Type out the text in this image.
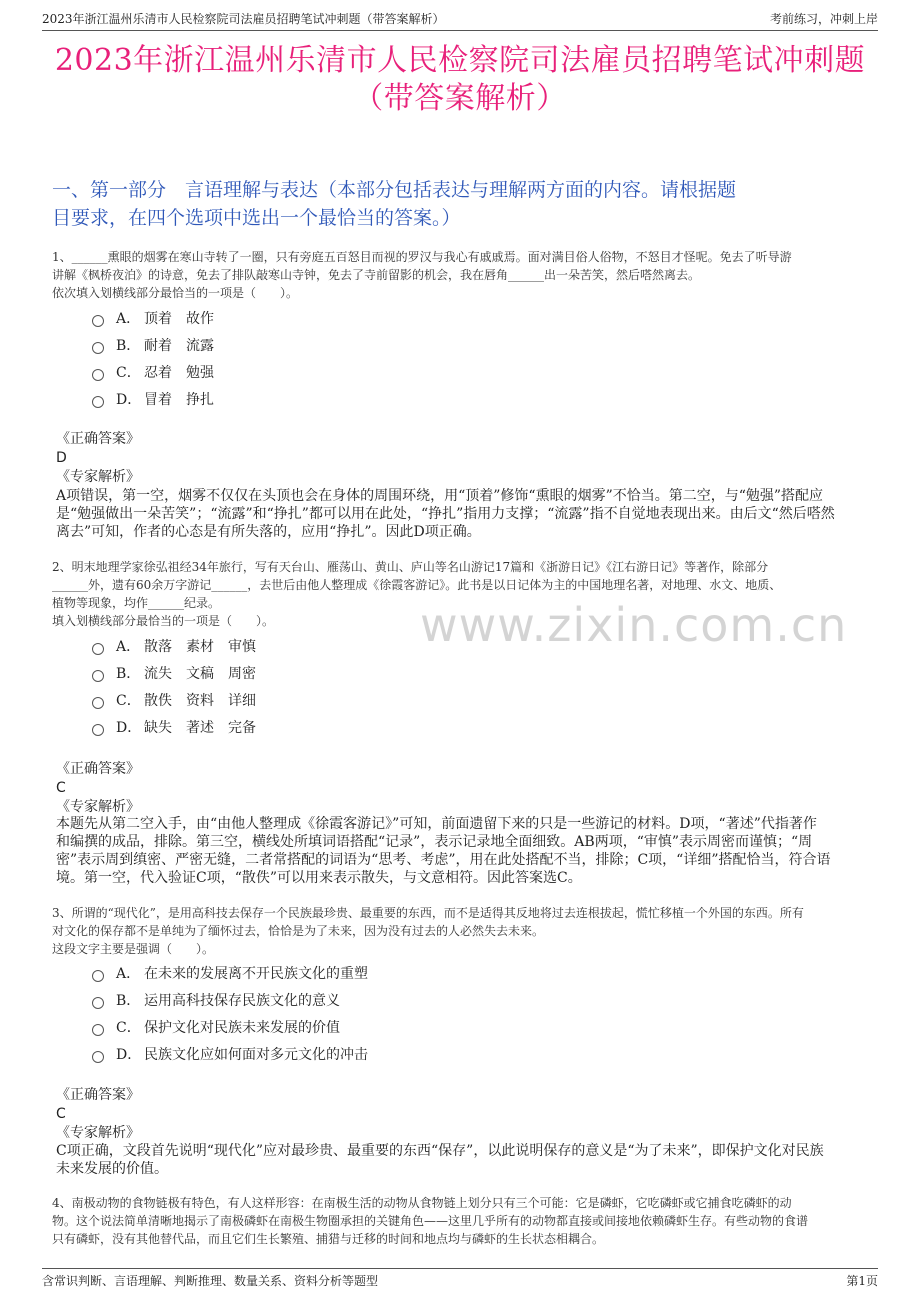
2023年浙江温州乐清市人民检察院司法雇员招聘笔试冲刺题（带答案解析）	考前练习，冲刺上岸
2023年浙江温州乐清市人民检察院司法雇员招聘笔试冲刺题
（带答案解析）
一、第一部分　言语理解与表达（本部分包括表达与理解两方面的内容。请根据题
目要求，在四个选项中选出一个最恰当的答案。）
www.zixin.com.cn
1、______熏眼的烟雾在寒山寺转了一圈，只有旁庭五百怒目而视的罗汉与我心有戚戚焉。面对满目俗人俗物，不怒目才怪呢。免去了听导游
讲解《枫桥夜泊》的诗意，免去了排队敲寒山寺钟，免去了寺前留影的机会，我在唇角______出一朵苦笑，然后嗒然离去。
依次填入划横线部分最恰当的一项是（　　）。
A． 顶着　故作
B． 耐着　流露
C． 忍着　勉强
D． 冒着　挣扎
《正确答案》
D
《专家解析》
A项错误，第一空，烟雾不仅仅在头顶也会在身体的周围环绕，用“顶着”修饰“熏眼的烟雾”不恰当。第二空，与“勉强”搭配应
是“勉强做出一朵苦笑”；“流露”和“挣扎”都可以用在此处，“挣扎”指用力支撑；“流露”指不自觉地表现出来。由后文“然后嗒然
离去”可知，作者的心态是有所失落的，应用“挣扎”。因此D项正确。
2、明末地理学家徐弘祖经34年旅行，写有天台山、雁荡山、黄山、庐山等名山游记17篇和《浙游日记》《江右游日记》等著作，除部分
______外，遗有60余万字游记______，去世后由他人整理成《徐霞客游记》。此书是以日记体为主的中国地理名著，对地理、水文、地质、
植物等现象，均作______纪录。
填入划横线部分最恰当的一项是（　　）。
A． 散落　素材　审慎
B． 流失　文稿　周密
C． 散佚　资料　详细
D． 缺失　著述　完备
《正确答案》
C
《专家解析》
本题先从第二空入手，由“由他人整理成《徐霞客游记》”可知，前面遗留下来的只是一些游记的材料。D项，“著述”代指著作
和编撰的成品，排除。第三空，横线处所填词语搭配“记录”，表示记录地全面细致。AB两项，“审慎”表示周密而谨慎；“周
密”表示周到缜密、严密无缝，二者常搭配的词语为“思考、考虑”，用在此处搭配不当，排除；C项，“详细”搭配恰当，符合语
境。第一空，代入验证C项，“散佚”可以用来表示散失，与文意相符。因此答案选C。
3、所谓的“现代化”，是用高科技去保存一个民族最珍贵、最重要的东西，而不是适得其反地将过去连根拔起，慌忙移植一个外国的东西。所有
对文化的保存都不是单纯为了缅怀过去，恰恰是为了未来，因为没有过去的人必然失去未来。
这段文字主要是强调（　　）。
A． 在未来的发展离不开民族文化的重塑
B． 运用高科技保存民族文化的意义
C． 保护文化对民族未来发展的价值
D． 民族文化应如何面对多元文化的冲击
《正确答案》
C
《专家解析》
C项正确，文段首先说明“现代化”应对最珍贵、最重要的东西“保存”，以此说明保存的意义是“为了未来”，即保护文化对民族
未来发展的价值。
4、南极动物的食物链极有特色，有人这样形容：在南极生活的动物从食物链上划分只有三个可能：它是磷虾，它吃磷虾或它捕食吃磷虾的动
物。这个说法简单清晰地揭示了南极磷虾在南极生物圈承担的关键角色——这里几乎所有的动物都直接或间接地依赖磷虾生存。有些动物的食谱
只有磷虾，没有其他替代品，而且它们生长繁殖、捕猎与迁移的时间和地点均与磷虾的生长状态相耦合。
含常识判断、言语理解、判断推理、数量关系、资料分析等题型	第1页
